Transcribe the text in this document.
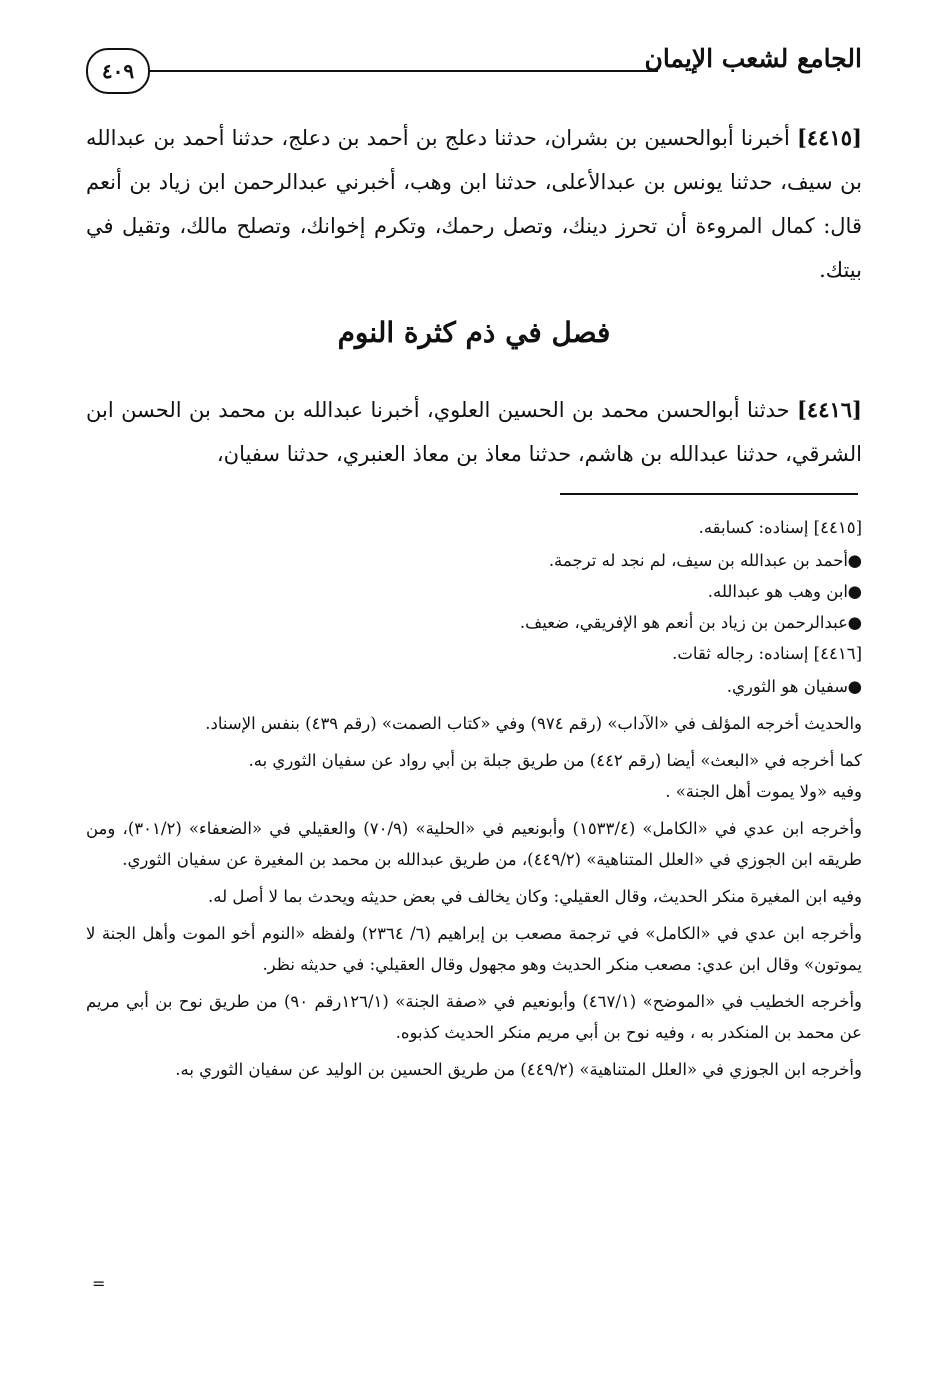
الجامع لشعب الإيمان
٤٠٩
[٤٤١٥] أخبرنا أبوالحسين بن بشران، حدثنا دعلج بن أحمد بن دعلج، حدثنا أحمد بن عبدالله بن سيف، حدثنا يونس بن عبدالأعلى، حدثنا ابن وهب، أخبرني عبدالرحمن ابن زياد بن أنعم قال: كمال المروءة أن تحرز دينك، وتصل رحمك، وتكرم إخوانك، وتصلح مالك، وتقيل في بيتك.
فصل في ذم كثرة النوم
[٤٤١٦] حدثنا أبوالحسن محمد بن الحسين العلوي، أخبرنا عبدالله بن محمد بن الحسن ابن الشرقي، حدثنا عبدالله بن هاشم، حدثنا معاذ بن معاذ العنبري، حدثنا سفيان،

[٤٤١٥] إسناده: كسابقه.

●أحمد بن عبدالله بن سيف، لم نجد له ترجمة.

●ابن وهب هو عبدالله.

●عبدالرحمن بن زياد بن أنعم هو الإفريقي، ضعيف.

[٤٤١٦] إسناده: رجاله ثقات.

●سفيان هو الثوري.

والحديث أخرجه المؤلف في «الآداب» (رقم ٩٧٤) وفي «كتاب الصمت» (رقم ٤٣٩) بنفس الإسناد.

كما أخرجه في «البعث» أيضا (رقم ٤٤٢) من طريق جبلة بن أبي رواد عن سفيان الثوري به.

وفيه «ولا يموت أهل الجنة» .

وأخرجه ابن عدي في «الكامل» (١٥٣٣/٤) وأبونعيم في «الحلية» (٧٠/٩) والعقيلي في «الضعفاء» (٣٠١/٢)، ومن طريقه ابن الجوزي في «العلل المتناهية» (٤٤٩/٢)، من طريق عبدالله بن محمد بن المغيرة عن سفيان الثوري.

وفيه ابن المغيرة منكر الحديث، وقال العقيلي: وكان يخالف في بعض حديثه ويحدث بما لا أصل له.

وأخرجه ابن عدي في «الكامل» في ترجمة مصعب بن إبراهيم (٦/ ٢٣٦٤) ولفظه «النوم أخو الموت وأهل الجنة لا يموتون» وقال ابن عدي: مصعب منكر الحديث وهو مجهول وقال العقيلي: في حديثه نظر.

وأخرجه الخطيب في «الموضح» (٤٦٧/١) وأبونعيم في «صفة الجنة» (١٢٦/١رقم ٩٠) من طريق نوح بن أبي مريم عن محمد بن المنكدر به ، وفيه نوح بن أبي مريم منكر الحديث كذبوه.

وأخرجه ابن الجوزي في «العلل المتناهية» (٤٤٩/٢) من طريق الحسين بن الوليد عن سفيان الثوري به.

=
